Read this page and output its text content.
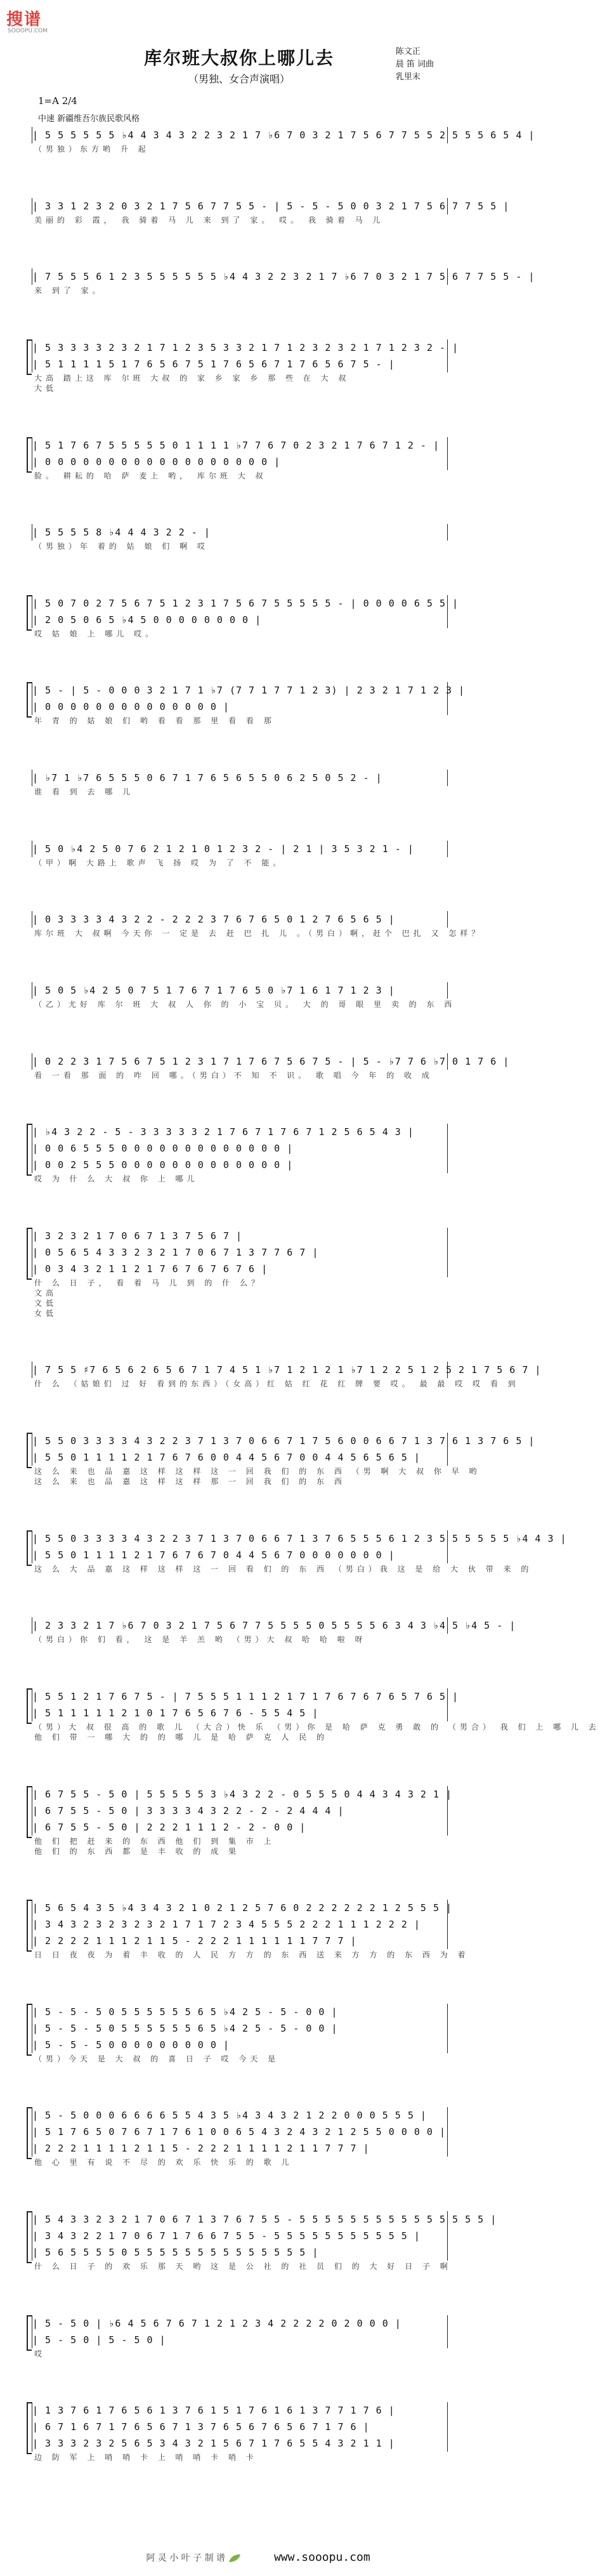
搜谱
SOOOPU.COM
库尔班大叔你上哪儿去
（男独、女合声演唱）
陈文正
晨 笛 词曲
乳里末
1=A 2/4
中速 新疆维吾尔族民歌风格
| 5 5 5 5 5 5 ♭4 4 3 4 3 2 2 3 2 1 7 ♭6 7 0 3 2 1 7 5 6 7 7 5 5 2 5 5 5 6 5 4 |
（男独）东方哟 升 起
| 3 3 1 2 3 2 0 3 2 1 7 5 6 7 7 5 5 - | 5 - 5 - 5 0 0 3 2 1 7 5 6 7 7 5 5 |
美丽的 彩 霞， 我 骑着 马 儿 来 到了 家。 哎。 我 骑着 马 儿
| 7 5 5 5 6 1 2 3 5 5 5 5 5 5 ♭4 4 3 2 2 3 2 1 7 ♭6 7 0 3 2 1 7 5 6 7 7 5 5 - |
来 到了 家。
| 5 3 3 3 3 2 3 2 1 7 1 2 3 5 3 3 2 1 7 1 2 3 2 3 2 1 7 1 2 3 2 - |
| 5 1 1 1 1 5 1 7 6 5 6 7 5 1 7 6 5 6 7 1 7 6 5 6 7 5 - |
大高 踏上这 库 尔班 大叔 的 家 乡 家 乡 那 些 在 大 叔
大低
| 5 1 7 6 7 5 5 5 5 5 0 1 1 1 1 ♭7 7 6 7 0 2 3 2 1 7 6 7 1 2 - |
| 0 0 0 0 0 0 0 0 0 0 0 0 0 0 0 0 0 0 |
脸。 耕耘的 哈 萨 麦上 哟， 库尔班 大 叔
| 5 5 5 5 8 ♭4 4 4 3 2 2 - |
（男独）年 着的 姑 娘 们 啊 哎
| 5 0 7 0 2 7 5 6 7 5 1 2 3 1 7 5 6 7 5 5 5 5 5 - | 0 0 0 0 6 5 5 |
| 2 0 5 0 6 5 ♭4 5 0 0 0 0 0 0 0 0 |
哎 姑 娘 上 哪儿 哎。
| 5 - | 5 - 0 0 0 3 2 1 7 1 ♭7 (7 7 1 7 7 1 2 3) | 2 3 2 1 7 1 2 3 |
| 0 0 0 0 0 0 0 0 0 0 0 0 0 0 |
年 青 的 姑 娘 们 哟 看 看 那 里 看 看 那
| ♭7 1 ♭7 6 5 5 5 0 6 7 1 7 6 5 6 5 5 0 6 2 5 0 5 2 - |
谁 看 到 去 哪 儿
| 5 0 ♭4 2 5 0 7 6 2 1 2 1 0 1 2 3 2 - | 2 1 | 3 5 3 2 1 - |
（甲）啊 大路上 歌声 飞 扬 哎 为 了 不 能。
| 0 3 3 3 3 4 3 2 2 - 2 2 2 3 7 6 7 6 5 0 1 2 7 6 5 6 5 |
库尔班 大 叔啊 今天你 一 定是 去 赶 巴 扎 儿 。（男白）啊，赶个 巴扎 又 怎样？
| 5 0 5 ♭4 2 5 0 7 5 1 7 6 7 1 7 6 5 0 ♭7 1 6 1 7 1 2 3 |
（乙）尤好 库 尔 班 大 叔 人 你 的 小 宝 贝。 大 的 哥 眼 里 卖 的 东 西
| 0 2 2 3 1 7 5 6 7 5 1 2 3 1 7 1 7 6 7 5 6 7 5 - | 5 - ♭7 7 6 ♭7 0 1 7 6 |
看 一看 那 面 的 咋 回 哪。（男白）不 知 不 识。 歌 唱 今 年 的 收 成
| ♭4 3 2 2 - 5 - 3 3 3 3 3 2 1 7 6 7 1 7 6 7 1 2 5 6 5 4 3 |
| 0 0 6 5 5 5 0 0 0 0 0 0 0 0 0 0 0 0 0 |
| 0 0 2 5 5 5 0 0 0 0 0 0 0 0 0 0 0 0 0 |
哎 为 什 么 大 叔 你 上 哪儿
| 3 2 3 2 1 7 0 6 7 1 3 7 5 6 7 |
| 0 5 6 5 4 3 3 2 3 2 1 7 0 6 7 1 3 7 7 6 7 |
| 0 3 4 3 2 1 1 2 1 7 6 7 6 7 6 7 6 |
什 么 日 子， 看 着 马 儿 到 的 什 么？
文高
文低
女低
| 7 5 5 ♯7 6 5 6 2 6 5 6 7 1 7 4 5 1 ♭7 1 2 1 2 1 ♭7 1 2 2 5 1 2 5 2 1 7 5 6 7 |
什 么 （姑娘们 过 好 看到的东西）（女高）红 姑 红 花 红 牌 要 哎。 最 最 哎 哎 看 到
| 5 5 0 3 3 3 3 4 3 2 2 3 7 1 3 7 0 6 6 7 1 7 5 6 0 0 6 6 7 1 3 7 6 1 3 7 6 5 |
| 5 5 0 1 1 1 1 2 1 7 6 7 6 0 0 4 4 5 6 7 0 0 4 4 5 6 5 6 5 |
这 么 来 也 品 嘉 这 样 这 样 这 一 回 我 们 的 东 西 （男 啊 大 叔 你 早 哟
这 么 来 也 品 嘉 这 样 这 样 那 一 回 我 们 的 东 西
| 5 5 0 3 3 3 3 4 3 2 2 3 7 1 3 7 0 6 6 7 1 3 7 6 5 5 5 6 1 2 3 5 5 5 5 5 5 ♭4 4 3 |
| 5 5 0 1 1 1 1 2 1 7 6 7 6 7 0 4 4 5 6 7 0 0 0 0 0 0 0 |
这 么 大 品 嘉 这 样 这 样 这 一 回 看 们 的 东 西 （男白）我 这 是 给 大 伙 带 来 的
| 2 3 3 2 1 7 ♭6 7 0 3 2 1 7 5 6 7 7 5 5 5 5 0 5 5 5 5 6 3 4 3 ♭4 5 ♭4 5 - |
（男白）你 们 看， 这 是 羊 羔 哟 （男）大 叔 哈 哈 啦 呀
| 5 5 1 2 1 7 6 7 5 - | 7 5 5 5 1 1 1 2 1 7 1 7 6 7 6 7 6 5 7 6 5 |
| 5 1 1 1 1 1 2 1 0 1 7 6 5 6 7 6 - 5 5 4 5 |
（男）大 叔 很 高 的 歌 儿 （大合）快 乐 （男）你 是 哈 萨 克 勇 敢 的 （男合） 我 们 上 哪 儿 去
他 们 带 一 哪 大 的 的 哪 儿 是 哈 萨 克 人 民 的
| 6 7 5 5 - 5 0 | 5 5 5 5 5 3 ♭4 3 2 2 - 0 5 5 5 0 4 4 3 4 3 2 1 |
| 6 7 5 5 - 5 0 | 3 3 3 3 4 3 2 2 - 2 - 2 4 4 4 |
| 6 7 5 5 - 5 0 | 2 2 2 1 1 1 2 - 2 - 0 0 |
他 们 把 赶 来 的 东 西 他 们 到 集 市 上
他 们 的 东 西 都 是 丰 收 的 成 果
| 5 6 5 4 3 5 ♭4 3 4 3 2 1 0 2 1 2 5 7 6 0 2 2 2 2 2 2 1 2 5 5 5 |
| 3 4 3 2 3 2 3 2 3 2 1 7 1 7 2 3 4 5 5 5 2 2 2 1 1 1 2 2 2 |
| 2 2 2 2 1 1 1 2 1 1 5 - 2 2 2 1 1 1 1 1 1 7 7 7 |
日 日 夜 夜 为 着 丰 收 的 人 民 方 方 的 东 西 送 来 方 方 的 东 西 为 着
| 5 - 5 - 5 0 5 5 5 5 5 5 6 5 ♭4 2 5 - 5 - 0 0 |
| 5 - 5 - 5 0 5 5 5 5 5 5 6 5 ♭4 2 5 - 5 - 0 0 |
| 5 - 5 - 5 0 0 0 0 0 0 0 0 0 |
（男）今天 是 大 叔 的 喜 日 子 哎 今天 是
| 5 - 5 0 0 0 6 6 6 6 5 5 4 3 5 ♭4 3 4 3 2 1 2 2 0 0 0 5 5 5 |
| 5 1 7 6 5 0 7 6 7 1 7 6 1 0 0 6 5 4 3 2 4 3 2 1 2 5 5 0 0 0 0 |
| 2 2 2 1 1 1 1 2 1 1 5 - 2 2 2 1 1 1 1 2 1 1 7 7 7 |
他 心 里 有 说 不 尽 的 欢 乐 快 乐 的 歌 儿
| 5 4 3 3 2 3 2 1 7 0 6 7 1 3 7 6 7 5 5 - 5 5 5 5 5 5 5 5 5 5 5 5 5 5 5 |
| 3 4 3 2 2 1 7 0 6 7 1 7 6 6 7 5 5 - 5 5 5 5 5 5 5 5 5 5 5 |
| 5 6 5 5 5 5 0 5 5 5 5 5 5 5 5 5 5 5 5 5 5 |
什 么 日 子 的 欢 乐 那 天 哟 这 是 公 社 的 社 员 们 的 大 好 日 子 啊
| 5 - 5 0 | ♭6 4 5 6 7 6 7 1 2 1 2 3 4 2 2 2 2 0 2 0 0 0 |
| 5 - 5 0 | 5 - 5 0 |
哎
| 1 3 7 6 1 7 6 5 6 1 3 7 6 1 5 1 7 6 1 6 1 3 7 7 1 7 6 |
| 6 7 1 6 7 1 7 6 5 6 7 1 3 7 6 5 6 7 6 5 6 7 1 7 6 |
| 3 3 3 2 3 2 5 6 5 3 4 3 2 1 5 6 7 1 7 6 5 5 4 3 2 1 1 |
边 防 军 上 哨 哨 卡 上 哨 哨 卡 哨 卡
阿 灵 小 叶 子 制 谱	www.sooopu.com
